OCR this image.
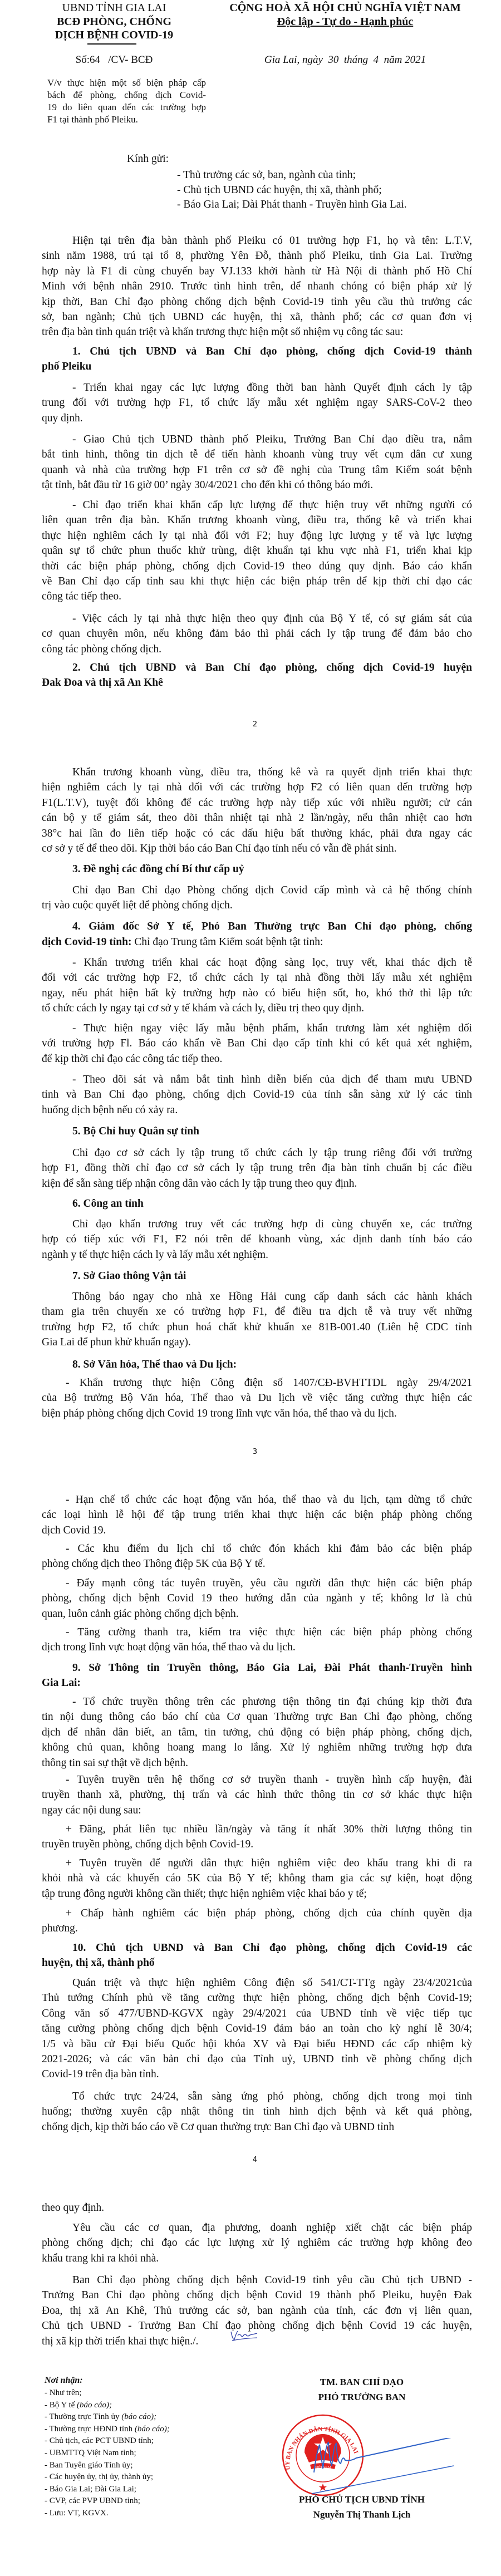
UBND TỈNH GIA LAI
BCĐ PHÒNG, CHỐNG
DỊCH BỆNH COVID-19
CỘNG HOÀ XÃ HỘI CHỦ NGHĨA VIỆT NAM
Độc lập - Tự do - Hạnh phúc
Số:64   /CV- BCĐ	Gia Lai, ngày  30  tháng  4  năm 2021
V/v thực hiện một số biện pháp cấp
bách để phòng, chống dịch Covid-
19 do liên quan đến các trường hợp
F1 tại thành phố Pleiku.
Kính gửi:
- Thủ trưởng các sở, ban, ngành của tỉnh;
- Chủ tịch UBND các huyện, thị xã, thành phố;
- Báo Gia Lai; Đài Phát thanh - Truyền hình Gia Lai.
Hiện tại trên địa bàn thành phố Pleiku có 01 trường hợp F1, họ và tên: L.T.V,
sinh năm 1988, trú tại tổ 8, phường Yên Đỗ, thành phố Pleiku, tỉnh Gia Lai. Trường
hợp này là F1 đi cùng chuyến bay VJ.133 khởi hành từ Hà Nội đi thành phố Hồ Chí
Minh với bệnh nhân 2910. Trước tình hình trên, để nhanh chóng có biện pháp xử lý
kịp thời, Ban Chỉ đạo phòng chống dịch bệnh Covid-19 tỉnh yêu cầu thủ trưởng các
sở, ban ngành; Chủ tịch UBND các huyện, thị xã, thành phố; các cơ quan đơn vị
trên địa bàn tỉnh quán triệt và khẩn trương thực hiện một số nhiệm vụ công tác sau:
1. Chủ tịch UBND và Ban Chỉ đạo phòng, chống dịch Covid-19 thành
phố Pleiku
- Triển khai ngay các lực lượng đồng thời ban hành Quyết định cách ly tập
trung đối với trường hợp F1, tổ chức lấy mẫu xét nghiệm ngay SARS-CoV-2 theo
quy định.
- Giao Chủ tịch UBND thành phố Pleiku, Trưởng Ban Chỉ đạo điều tra, nắm
bắt tình hình, thông tin dịch tễ để tiến hành khoanh vùng truy vết cụm dân cư xung
quanh và nhà của trường hợp F1 trên cơ sở đề nghị của Trung tâm Kiểm soát bệnh
tật tỉnh, bắt đầu từ 16 giờ 00’ ngày 30/4/2021 cho đến khi có thông báo mới.
- Chỉ đạo triển khai khẩn cấp lực lượng để thực hiện truy vết những người có
liên quan trên địa bàn. Khẩn trương khoanh vùng, điều tra, thống kê và triển khai
thực hiện nghiêm cách ly tại nhà đối với F2; huy động lực lượng y tế và lực lượng
quân sự tổ chức phun thuốc khử trùng, diệt khuẩn tại khu vực nhà F1, triển khai kịp
thời các biện pháp phòng, chống dịch Covid-19 theo đúng quy định. Báo cáo khẩn
về Ban Chỉ đạo cấp tỉnh sau khi thực hiện các biện pháp trên để kịp thời chỉ đạo các
công tác tiếp theo.
- Việc cách ly tại nhà thực hiện theo quy định của Bộ Y tế, có sự giám sát của
cơ quan chuyên môn, nếu không đảm bảo thì phải cách ly tập trung để đảm bảo cho
công tác phòng chống dịch.
2. Chủ tịch UBND và Ban Chỉ đạo phòng, chống dịch Covid-19 huyện
Đak Đoa và thị xã An Khê
Khẩn trương khoanh vùng, điều tra, thống kê và ra quyết định triển khai thực
hiện nghiêm cách ly tại nhà đối với các trường hợp F2 có liên quan đến trường hợp
F1(L.T.V), tuyệt đối không để các trường hợp này tiếp xúc với nhiều người; cử cán
cán bộ y tế giám sát, theo dõi thân nhiệt tại nhà 2 lần/ngày, nếu thân nhiệt cao hơn
38°c hai lần đo liên tiếp hoặc có các dấu hiệu bất thường khác, phải đưa ngay các
cơ sở y tế để theo dõi. Kịp thời báo cáo Ban Chỉ đạo tỉnh nếu có vẫn đề phát sinh.
3. Đề nghị các đồng chí Bí thư cấp uỷ
Chỉ đạo Ban Chỉ đạo Phòng chống dịch Covid cấp mình và cả hệ thống chính
trị vào cuộc quyết liệt để phòng chống dịch.
4. Giám đốc Sở Y tế, Phó Ban Thường trực Ban Chỉ đạo phòng, chống
dịch Covid-19 tỉnh: Chỉ đạo Trung tâm Kiểm soát bệnh tật tỉnh:
- Khẩn trương triển khai các hoạt động sàng lọc, truy vết, khai thác dịch tễ
đối với các trường hợp F2, tổ chức cách ly tại nhà đồng thời lấy mẫu xét nghiệm
ngay, nếu phát hiện bất kỳ trường hợp nào có biểu hiện sốt, ho, khó thở thì lập tức
tổ chức cách ly ngay tại cơ sở y tế khám và cách ly, điều trị theo quy định.
- Thực hiện ngay việc lấy mẫu bệnh phẩm, khẩn trương làm xét nghiệm đối
với trường hợp Fl. Báo cáo khẩn về Ban Chỉ đạo cấp tỉnh khi có kết quả xét nghiệm,
để kịp thời chỉ đạo các công tác tiếp theo.
- Theo dõi sát và nắm bắt tình hình diễn biến của dịch để tham mưu UBND
tỉnh và Ban Chỉ đạo phòng, chống dịch Covid-19 của tỉnh sẵn sàng xử lý các tình
huống dịch bệnh nếu có xảy ra.
5. Bộ Chỉ huy Quân sự tỉnh
Chỉ đạo cơ sở cách ly tập trung tổ chức cách ly tập trung riêng đối với trường
hợp F1, đồng thời chỉ đạo cơ sở cách ly tập trung trên địa bàn tỉnh chuẩn bị các điều
kiện để sẵn sàng tiếp nhận công dân vào cách ly tập trung theo quy định.
6. Công an tỉnh
Chỉ đạo khẩn trương truy vết các trường hợp đi cùng chuyến xe, các trường
hợp có tiếp xúc với F1, F2 nói trên để khoanh vùng, xác định danh tính báo cáo
ngành y tế thực hiện cách ly và lấy mẫu xét nghiệm.
7. Sở Giao thông Vận tải
Thông báo ngay cho nhà xe Hồng Hải cung cấp danh sách các hành khách
tham gia trên chuyến xe có trường hợp F1, để điều tra dịch tễ và truy vết những
trường hợp F2, tổ chức phun hoá chất khử khuẩn xe 81B-001.40 (Liên hệ CDC tỉnh
Gia Lai để phun khử khuẩn ngay).
8. Sở Văn hóa, Thể thao và Du lịch:
- Khẩn trương thực hiện Công điện số 1407/CĐ-BVHTTDL ngày 29/4/2021
của Bộ trưởng Bộ Văn hóa, Thể thao và Du lịch về việc tăng cường thực hiện các
biện pháp phòng chống dịch Covid 19 trong lĩnh vực văn hóa, thể thao và du lịch.
- Hạn chế tổ chức các hoạt động văn hóa, thể thao và du lịch, tạm dừng tổ chức
các loại hình lễ hội để tập trung triển khai thực hiện các biện pháp phòng chống
dịch Covid 19.
- Các khu điểm du lịch chỉ tổ chức đón khách khi đảm bảo các biện pháp
phòng chống dịch theo Thông điệp 5K của Bộ Y tế.
- Đẩy mạnh công tác tuyên truyền, yêu cầu người dân thực hiện các biện pháp
phòng, chống dịch bệnh Covid 19 theo hướng dẫn của ngành y tế; không lơ là chủ
quan, luôn cảnh giác phòng chống dịch bệnh.
- Tăng cường thanh tra, kiểm tra việc thực hiện các biện pháp phòng chống
dịch trong lĩnh vực hoạt động văn hóa, thể thao và du lịch.
9. Sở Thông tin Truyền thông, Báo Gia Lai, Đài Phát thanh-Truyền hình
Gia Lai:
- Tổ chức truyền thông trên các phương tiện thông tin đại chúng kịp thời đưa
tin nội dung thông cáo báo chí của Cơ quan Thường trực Ban Chỉ đạo phòng, chống
dịch để nhân dân biết, an tâm, tin tưởng, chủ động có biện pháp phòng, chống dịch,
không chủ quan, không hoang mang lo lắng. Xử lý nghiêm những trường hợp đưa
thông tin sai sự thật về dịch bệnh.
- Tuyên truyền trên hệ thống cơ sở truyền thanh - truyền hình cấp huyện, đài
truyền thanh xã, phường, thị trấn và các hình thức thông tin cơ sở khác thực hiện
ngay các nội dung sau:
+ Đăng, phát liên tục nhiều lần/ngày và tăng ít nhất 30% thời lượng thông tin
truyền truyền phòng, chống dịch bệnh Covid-19.
+ Tuyên truyền để người dân thực hiện nghiêm việc đeo khẩu trang khi đi ra
khỏi nhà và các khuyến cáo 5K của Bộ Y tế; không tham gia các sự kiện, hoạt động
tập trung đông người không cần thiết; thực hiện nghiêm việc khai báo y tế;
+ Chấp hành nghiêm các biện pháp phòng, chống dịch của chính quyền địa
phương.
10. Chủ tịch UBND và Ban Chỉ đạo phòng, chống dịch Covid-19 các
huyện, thị xã, thành phố
Quán triệt và thực hiện nghiêm Công điện số 541/CT-TTg ngày 23/4/2021của
Thủ tướng Chính phủ về tăng cường thực hiện phòng, chống dịch bệnh Covid-19;
Công văn số 477/UBND-KGVX ngày 29/4/2021 của UBND tỉnh về việc tiếp tục
tăng cường phòng chống dịch bệnh Covid-19 đảm bảo an toàn cho kỳ nghỉ lễ 30/4;
1/5 và bầu cử Đại biểu Quốc hội khóa XV và Đại biểu HĐND các cấp nhiệm kỳ
2021-2026; và các văn bản chỉ đạo của Tỉnh uỷ, UBND tỉnh về phòng chống dịch
Covid-19 trên địa bàn tỉnh.
Tổ chức trực 24/24, sẵn sàng ứng phó phòng, chống dịch trong mọi tình
huống; thường xuyên cập nhật thông tin tình hình dịch bệnh và kết quả phòng,
chống dịch, kịp thời báo cáo về Cơ quan thường trực Ban Chỉ đạo và UBND tỉnh
theo quy định.
Yêu cầu các cơ quan, địa phương, doanh nghiệp xiết chặt các biện pháp
phòng chống dịch; chỉ đạo các lực lượng xử lý nghiêm các trường hợp không đeo
khẩu trang khi ra khỏi nhà.
Ban Chỉ đạo phòng chống dịch bệnh Covid-19 tỉnh yêu cầu Chủ tịch UBND -
Trưởng Ban Chỉ đạo phòng chống dịch bệnh Covid 19 thành phố Pleiku, huyện Đak
Đoa, thị xã An Khê, Thủ trưởng các sở, ban ngành của tỉnh, các đơn vị liên quan,
Chủ tịch UBND - Trưởng Ban Chỉ đạo phòng chống dịch bệnh Covid 19 các huyện,
thị xã kịp thời triển khai thực hiện./.
2
3
4
Nơi nhận:
- Như trên;
- Bộ Y tế (báo cáo);
- Thường trực Tỉnh ủy (báo cáo);
- Thường trực HĐND tỉnh (báo cáo);
- Chủ tịch, các PCT UBND tỉnh;
- UBMTTQ Việt Nam tỉnh;
- Ban Tuyên giáo Tỉnh ủy;
- Các huyện ủy, thị ủy, thành ủy;
- Báo Gia Lai; Đài Gia Lai;
- CVP, các PVP UBND tỉnh;
- Lưu: VT, KGVX.
TM. BAN CHỈ ĐẠO
PHÓ TRƯỞNG BAN
ỦY BAN NHÂN DÂN TỈNH GIA LAI
VIỆT NAM
PHÓ CHỦ TỊCH UBND TỈNH
Nguyễn Thị Thanh Lịch
